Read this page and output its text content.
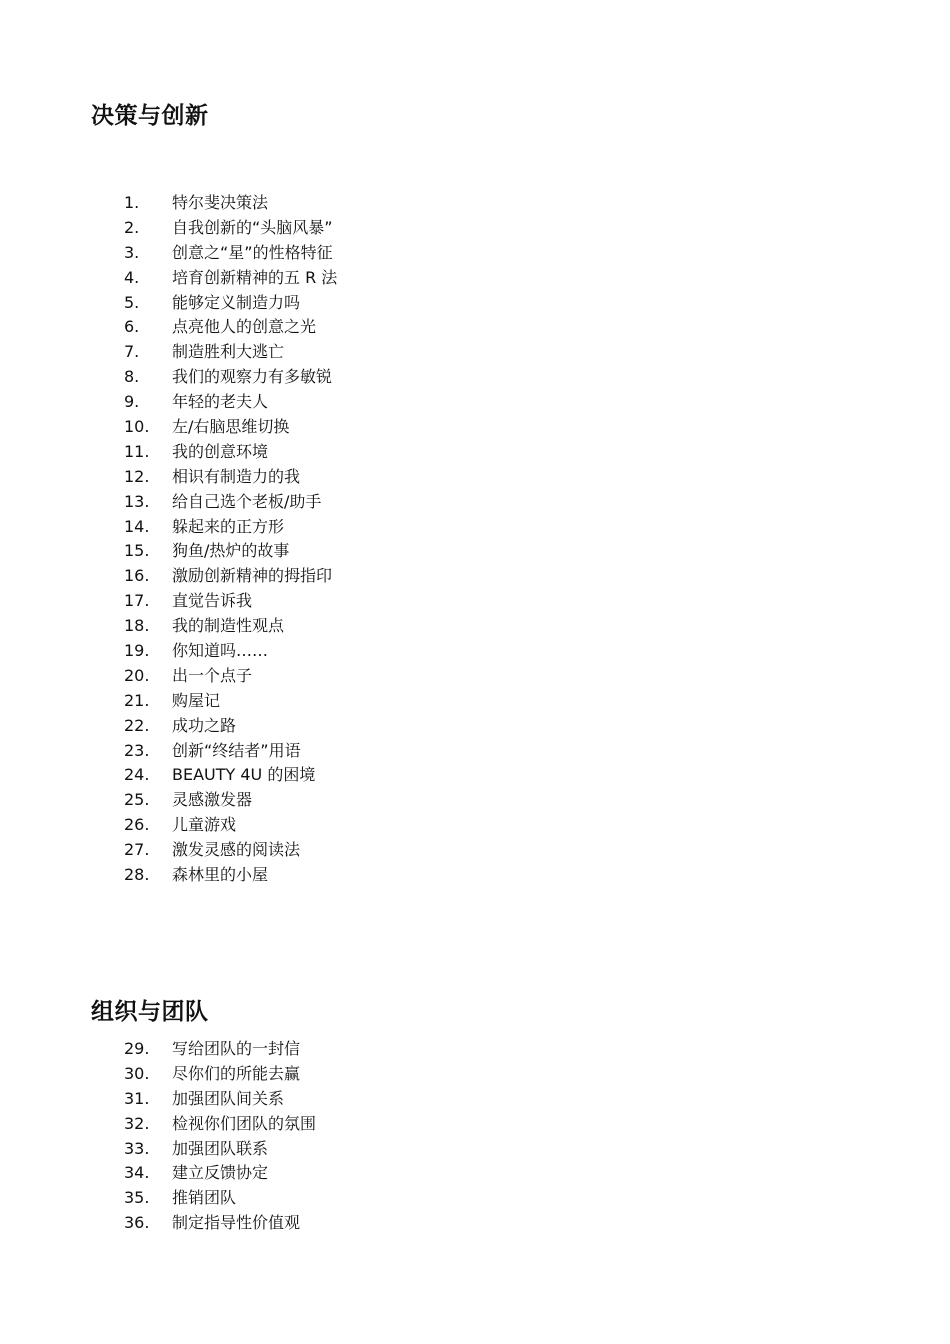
决策与创新
1.	特尔斐决策法
2.	自我创新的“头脑风暴”
3.	创意之“星”的性格特征
4.	培育创新精神的五 R 法
5.	能够定义制造力吗
6.	点亮他人的创意之光
7.	制造胜利大逃亡
8.	我们的观察力有多敏锐
9.	年轻的老夫人
10.	左/右脑思维切换
11.	我的创意环境
12.	相识有制造力的我
13.	给自己选个老板/助手
14.	躲起来的正方形
15.	狗鱼/热炉的故事
16.	激励创新精神的拇指印
17.	直觉告诉我
18.	我的制造性观点
19.	你知道吗……
20.	出一个点子
21.	购屋记
22.	成功之路
23.	创新“终结者”用语
24.	BEAUTY 4U 的困境
25.	灵感激发器
26.	儿童游戏
27.	激发灵感的阅读法
28.	森林里的小屋
组织与团队
29.	写给团队的一封信
30.	尽你们的所能去赢
31.	加强团队间关系
32.	检视你们团队的氛围
33.	加强团队联系
34.	建立反馈协定
35.	推销团队
36.	制定指导性价值观
